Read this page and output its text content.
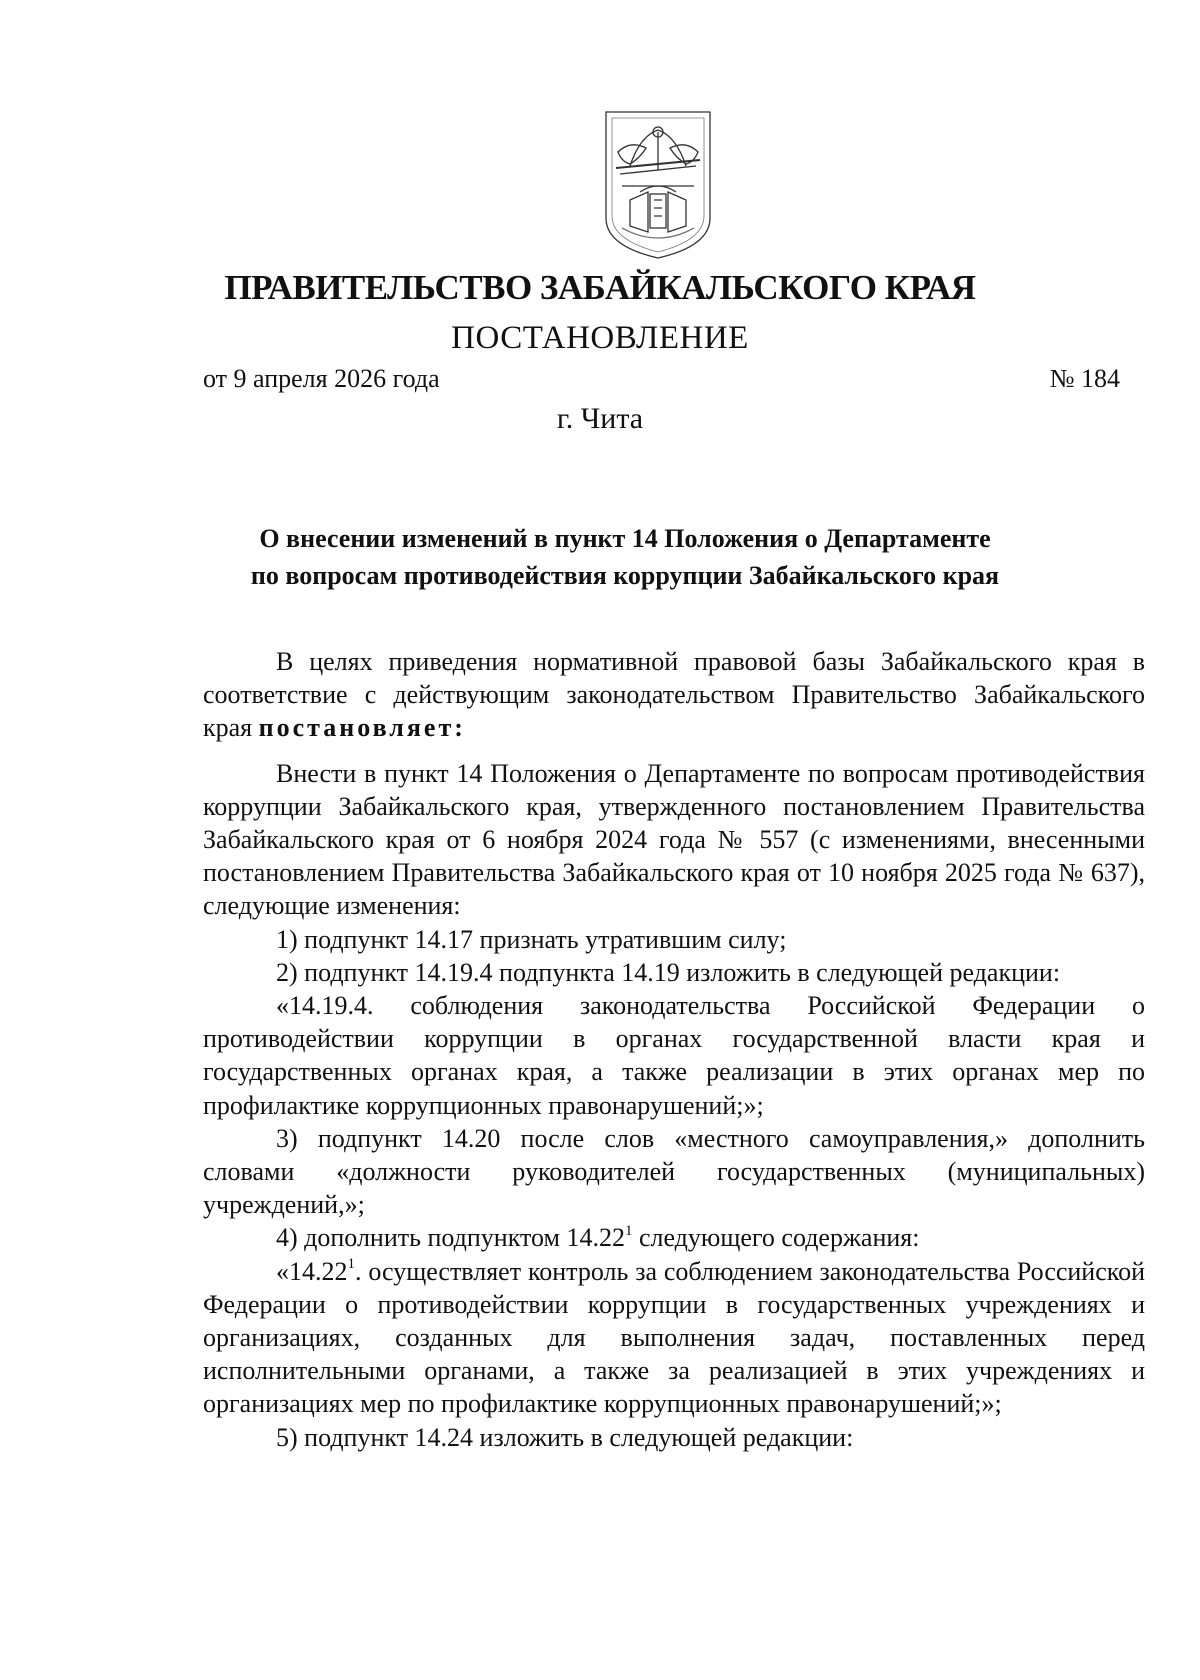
ПРАВИТЕЛЬСТВО ЗАБАЙКАЛЬСКОГО КРАЯ
ПОСТАНОВЛЕНИЕ
от 9 апреля 2026 года	№ 184
г. Чита
О внесении изменений в пункт 14 Положения о Департаменте
по вопросам противодействия коррупции Забайкальского края

В целях приведения нормативной правовой базы Забайкальского края в соответствие с действующим законодательством Правительство Забайкальского края постановляет:

Внести в пункт 14 Положения о Департаменте по вопросам противодействия коррупции Забайкальского края, утвержденного постановлением Правительства Забайкальского края от 6 ноября 2024 года № 557 (с изменениями, внесенными постановлением Правительства Забайкальского края от 10 ноября 2025 года № 637), следующие изменения:

1) подпункт 14.17 признать утратившим силу;

2) подпункт 14.19.4 подпункта 14.19 изложить в следующей редакции:

«14.19.4. соблюдения законодательства Российской Федерации о противодействии коррупции в органах государственной власти края и государственных органах края, а также реализации в этих органах мер по профилактике коррупционных правонарушений;»;

3) подпункт 14.20 после слов «местного самоуправления,» дополнить словами «должности руководителей государственных (муниципальных) учреждений,»;

4) дополнить подпунктом 14.22$^1$ следующего содержания:

«14.22$^1$. осуществляет контроль за соблюдением законодательства Российской Федерации о противодействии коррупции в государственных учреждениях и организациях, созданных для выполнения задач, поставленных перед исполнительными органами, а также за реализацией в этих учреждениях и организациях мер по профилактике коррупционных правонарушений;»;

5) подпункт 14.24 изложить в следующей редакции:
